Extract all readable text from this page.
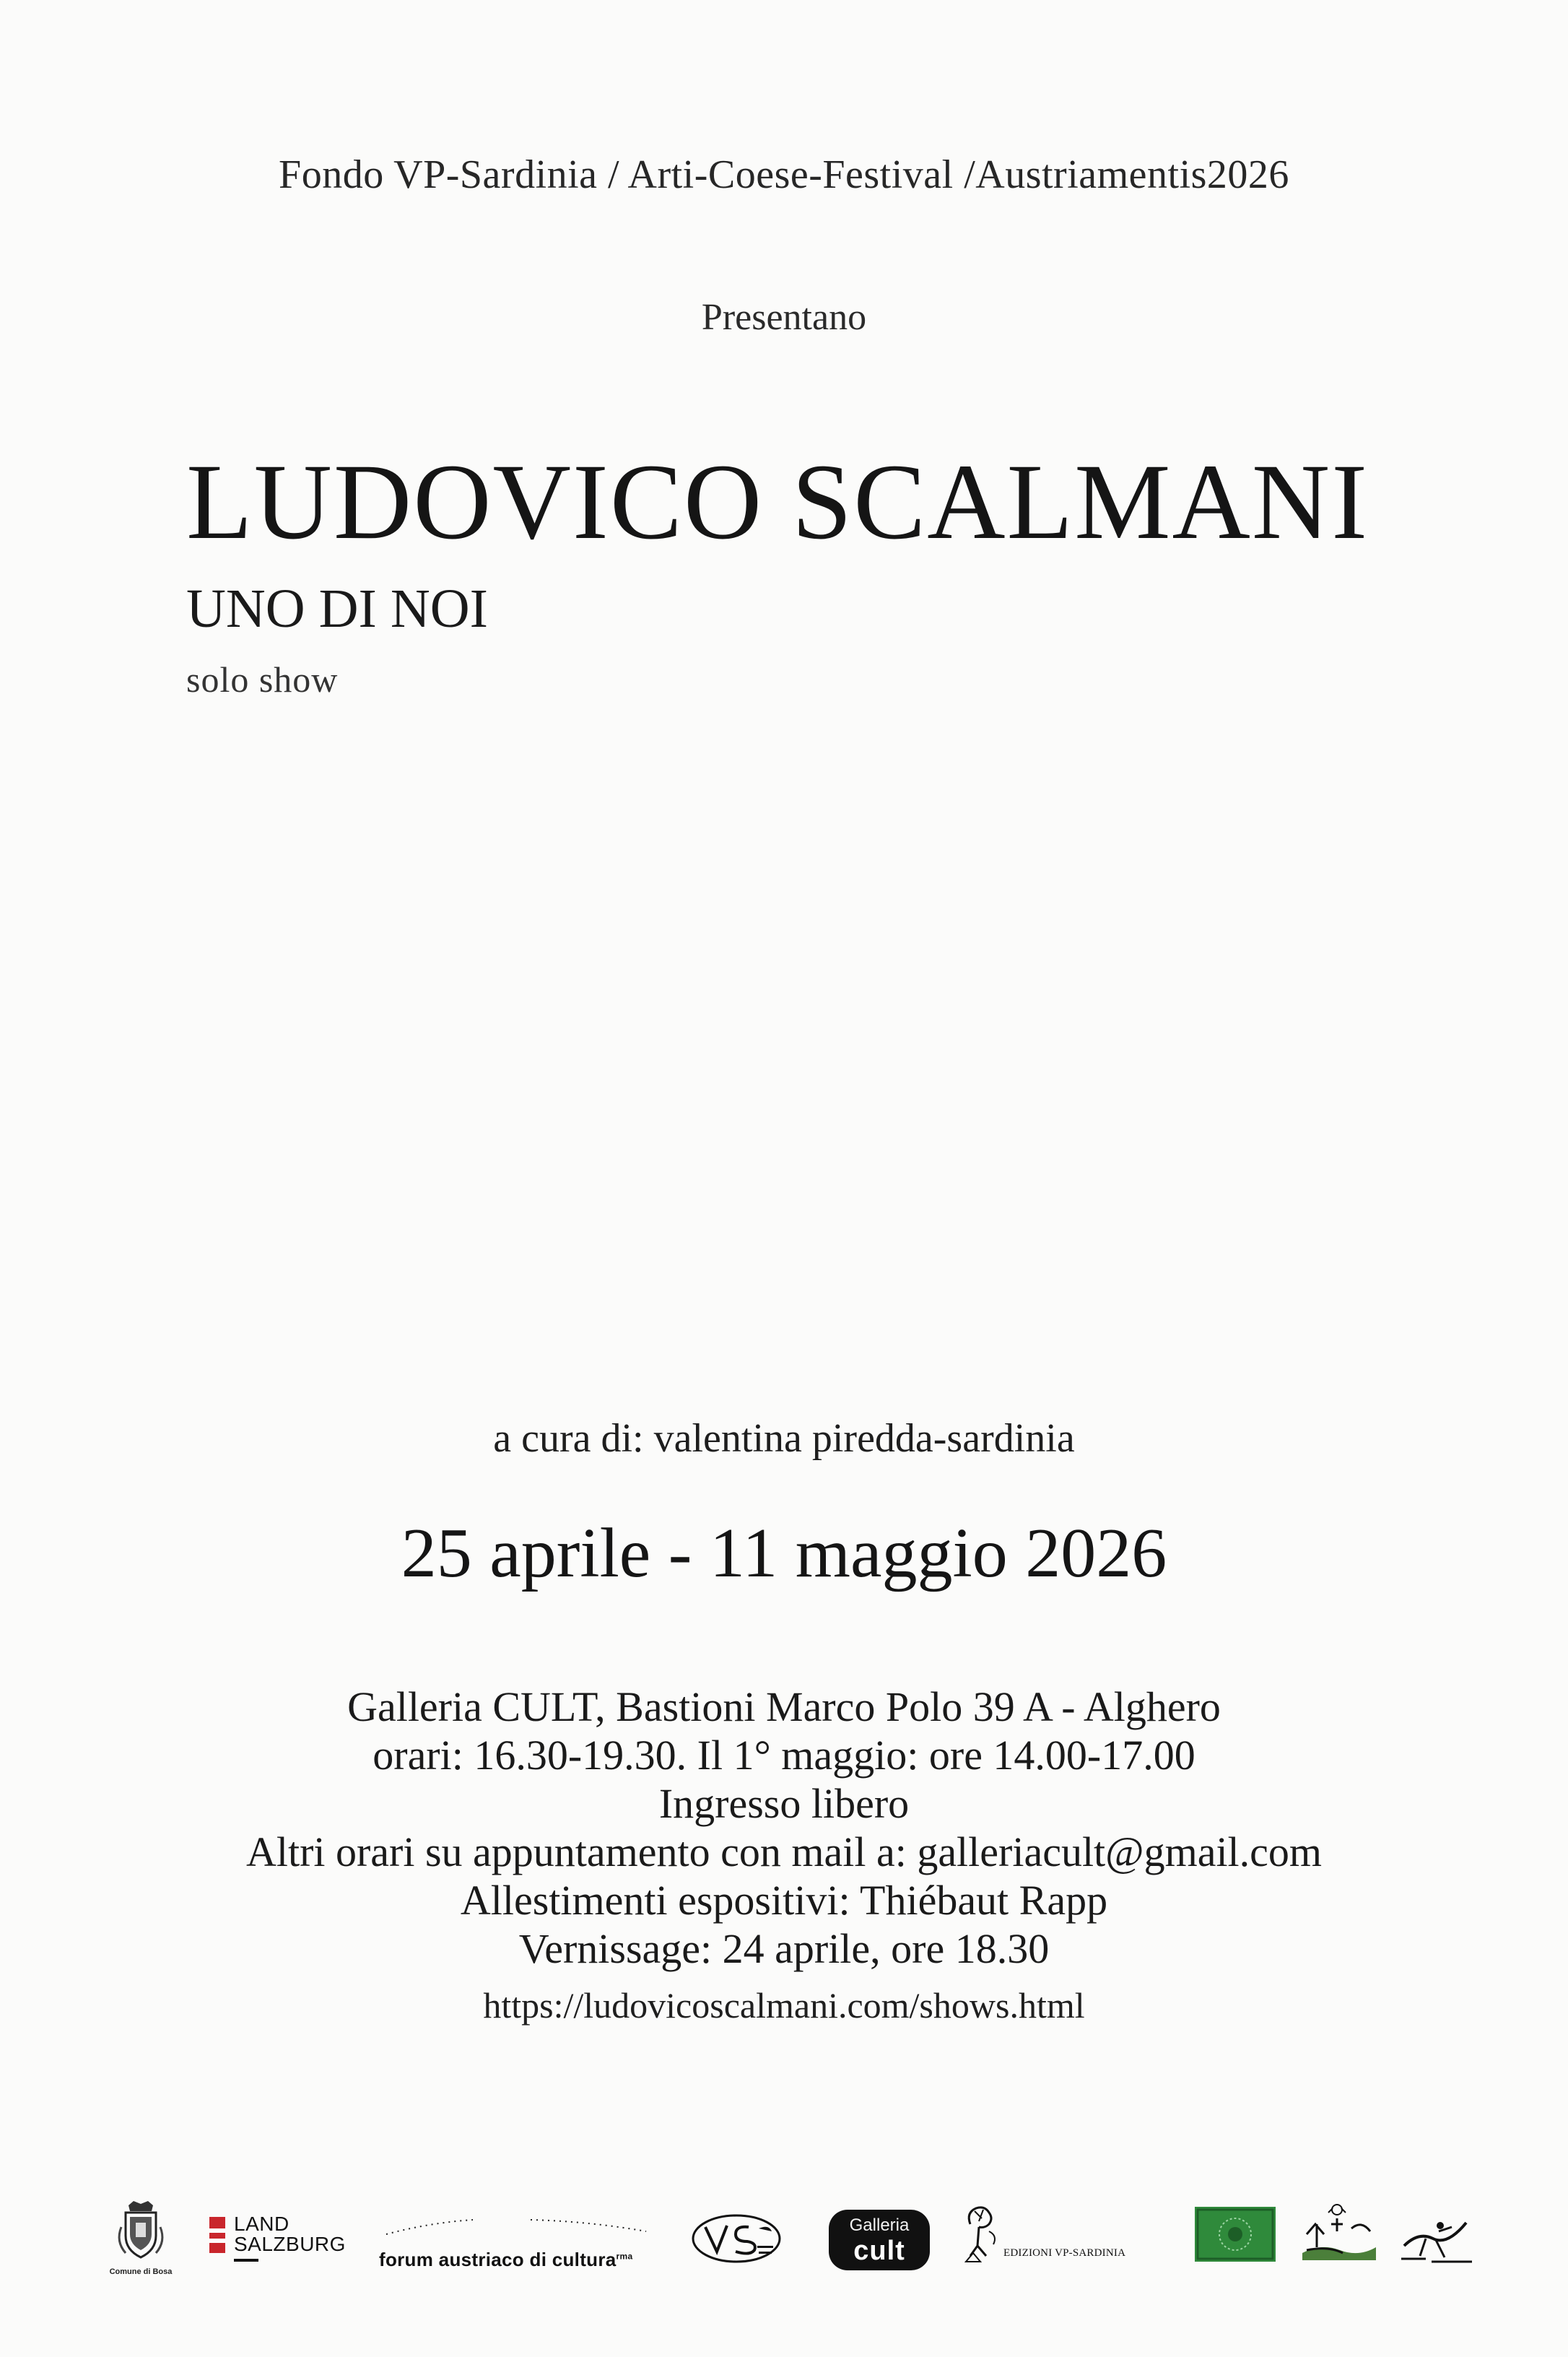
Fondo VP-Sardinia / Arti-Coese-Festival /Austriamentis2026
Presentano
LUDOVICO SCALMANI
UNO DI NOI
solo show
a cura di: valentina piredda-sardinia
25 aprile - 11 maggio 2026
Galleria CULT, Bastioni Marco Polo 39 A - Alghero
orari: 16.30-19.30. Il 1° maggio: ore 14.00-17.00
Ingresso libero
Altri orari su appuntamento con mail a: galleriacult@gmail.com
Allestimenti espositivi: Thiébaut Rapp
Vernissage: 24 aprile, ore 18.30
https://ludovicoscalmani.com/shows.html
Comune di Bosa
LAND
SALZBURG
forum austriaco di cultura$^{rma}$
Galleria
cult	EDIZIONI VP-SARDINIA
